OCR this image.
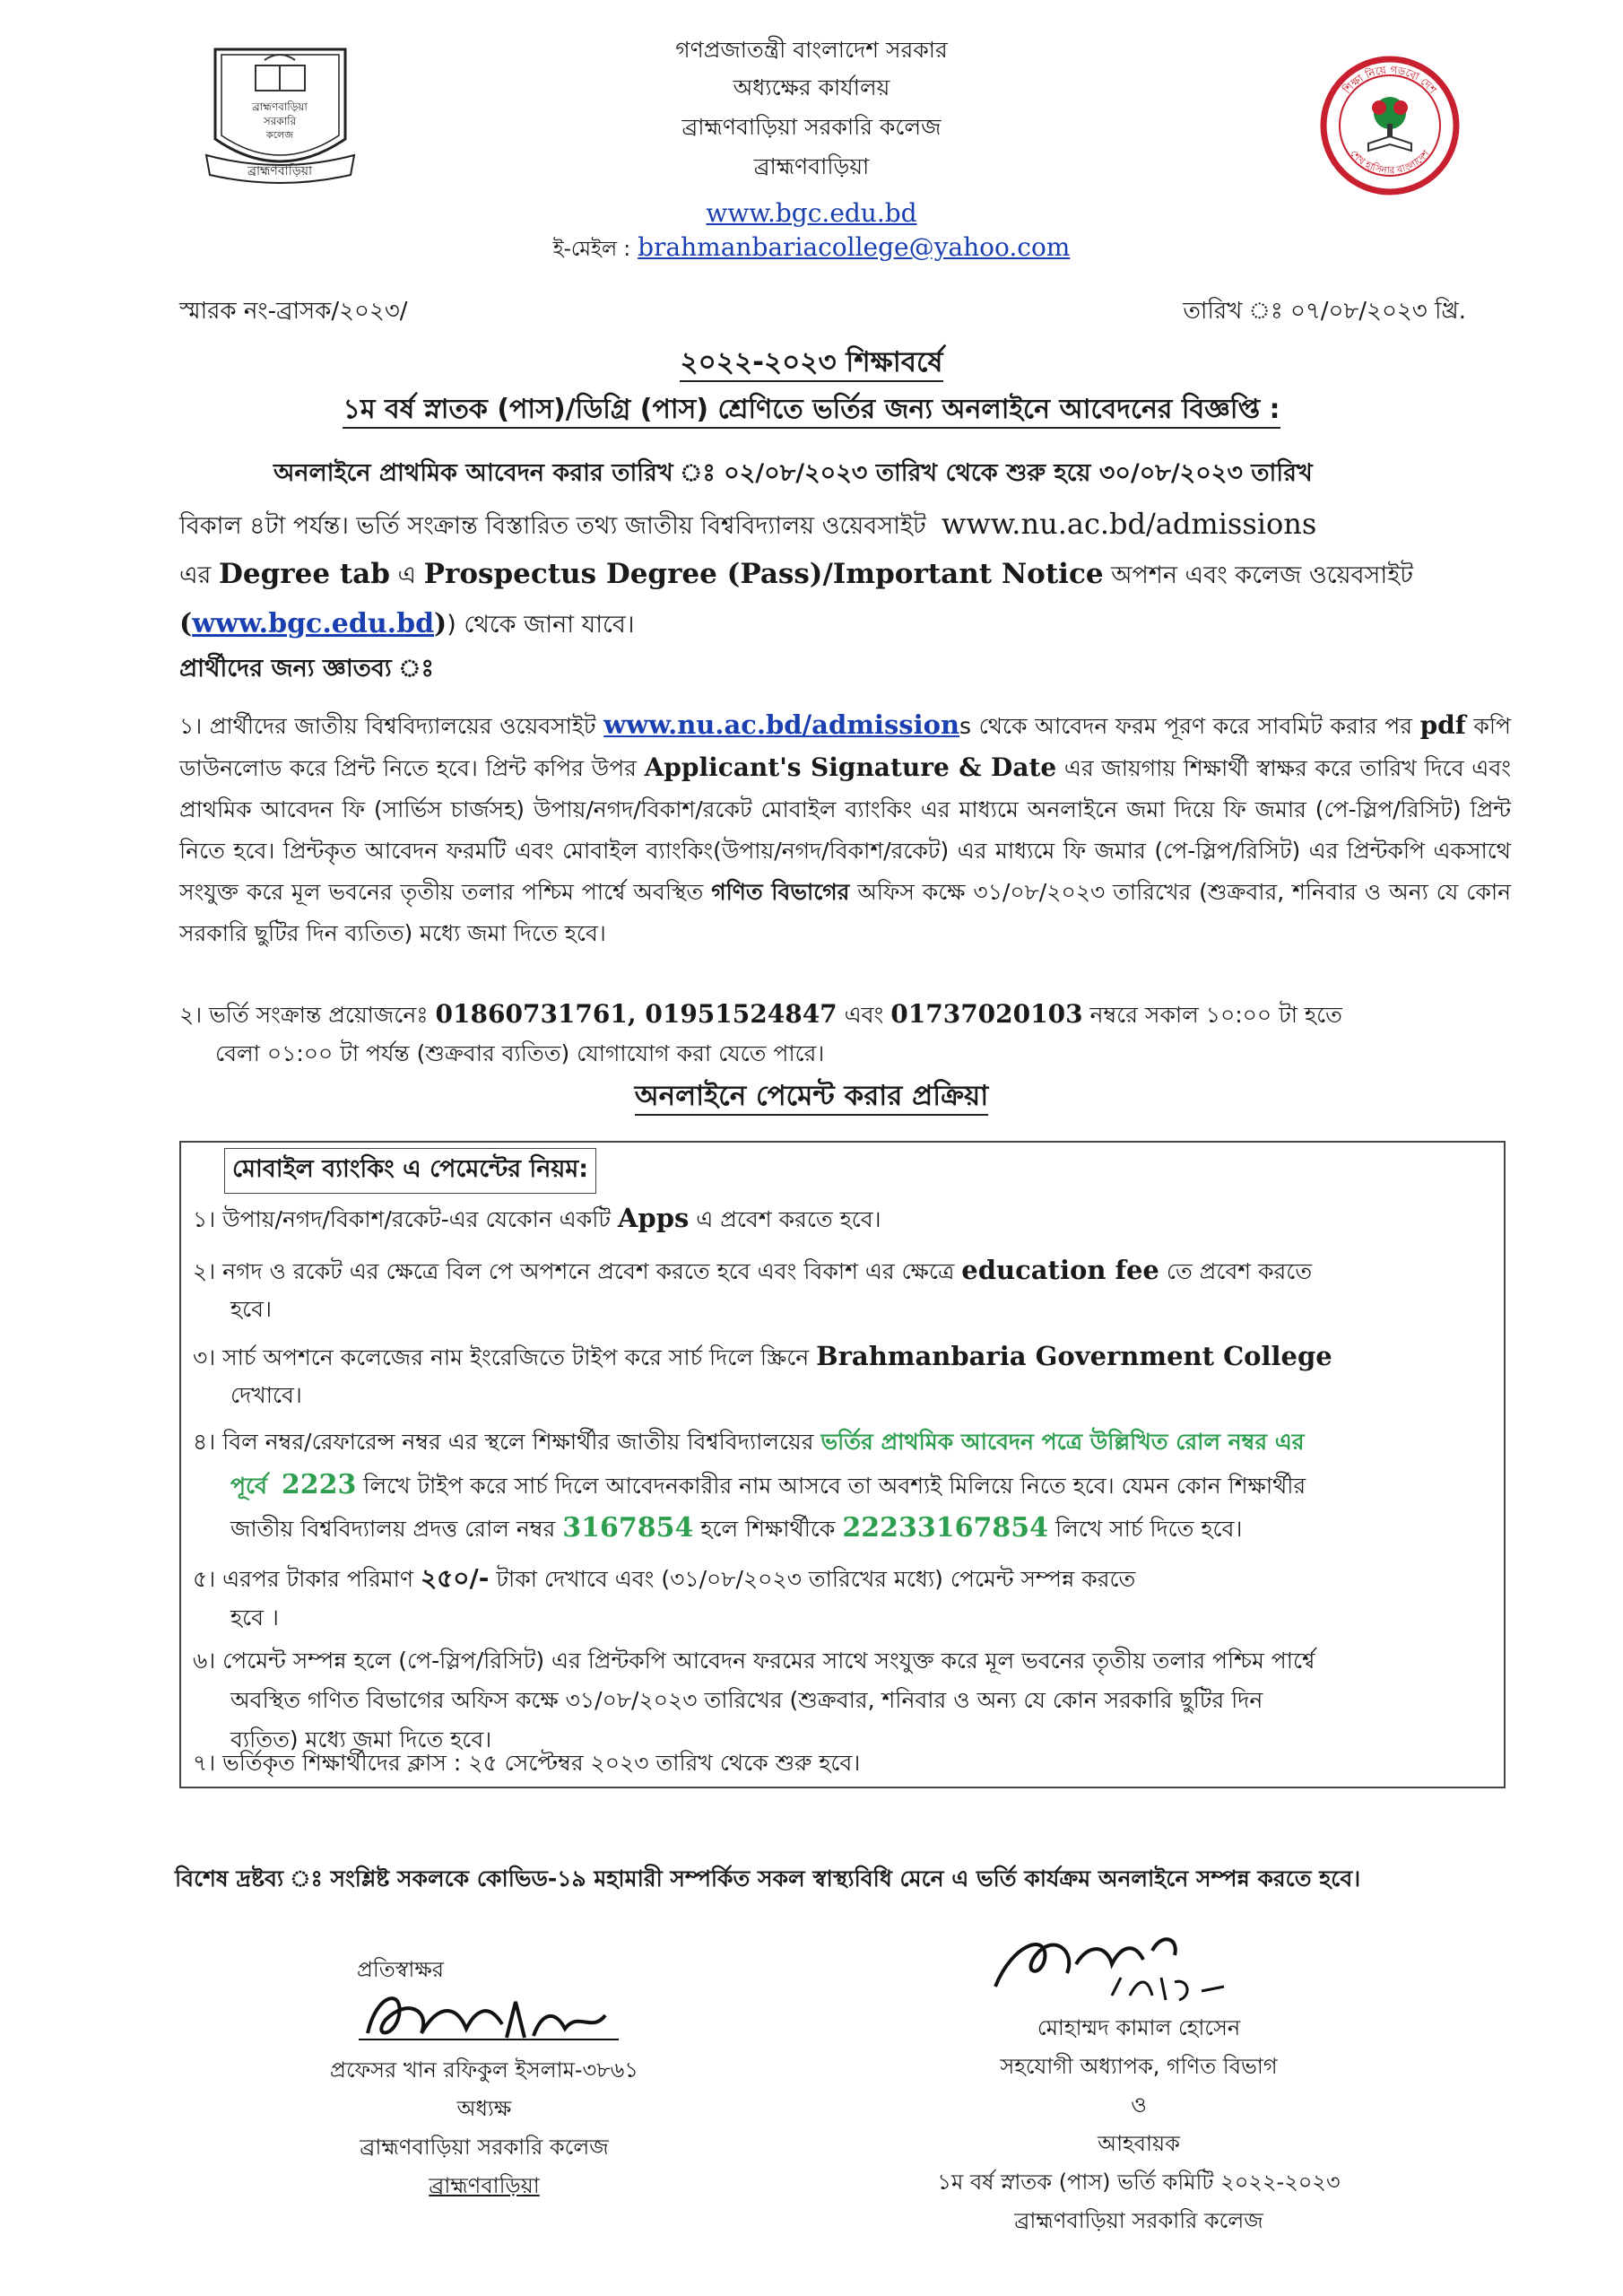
ব্রাহ্মণবাড়িয়া
সরকারি
কলেজ
ব্রাহ্মণবাড়িয়া
শিক্ষা নিয়ে গড়বো দেশ
শেখ হাসিনার বাংলাদেশ
গণপ্রজাতন্ত্রী বাংলাদেশ সরকার
অধ্যক্ষের কার্যালয়
ব্রাহ্মণবাড়িয়া সরকারি কলেজ
ব্রাহ্মণবাড়িয়া
www.bgc.edu.bd
ই-মেইল : brahmanbariacollege@yahoo.com
স্মারক নং-ব্রাসক/২০২৩/	তারিখ ঃ ০৭/০৮/২০২৩ খ্রি.
২০২২-২০২৩ শিক্ষাবর্ষে
১ম বর্ষ স্নাতক (পাস)/ডিগ্রি (পাস) শ্রেণিতে ভর্তির জন্য অনলাইনে আবেদনের বিজ্ঞপ্তি :
অনলাইনে প্রাথমিক আবেদন করার তারিখ ঃ ০২/০৮/২০২৩ তারিখ থেকে শুরু হয়ে ৩০/০৮/২০২৩ তারিখ
বিকাল ৪টা পর্যন্ত। ভর্তি সংক্রান্ত বিস্তারিত তথ্য জাতীয় বিশ্ববিদ্যালয় ওয়েবসাইট www.nu.ac.bd/admissions
এর Degree tab এ Prospectus Degree (Pass)/Important Notice অপশন এবং কলেজ ওয়েবসাইট
(www.bgc.edu.bd)) থেকে জানা যাবে।
প্রার্থীদের জন্য জ্ঞাতব্য ঃ
১। প্রার্থীদের জাতীয় বিশ্ববিদ্যালয়ের ওয়েবসাইট www.nu.ac.bd/admissions থেকে আবেদন ফরম পূরণ করে সাবমিট করার পর pdf কপি ডাউনলোড করে প্রিন্ট নিতে হবে। প্রিন্ট কপির উপর Applicant's Signature & Date এর জায়গায় শিক্ষার্থী স্বাক্ষর করে তারিখ দিবে এবং প্রাথমিক আবেদন ফি (সার্ভিস চার্জসহ) উপায়/নগদ/বিকাশ/রকেট মোবাইল ব্যাংকিং এর মাধ্যমে অনলাইনে জমা দিয়ে ফি জমার (পে-স্লিপ/রিসিট) প্রিন্ট নিতে হবে। প্রিন্টকৃত আবেদন ফরমটি এবং মোবাইল ব্যাংকিং(উপায়/নগদ/বিকাশ/রকেট) এর মাধ্যমে ফি জমার (পে-স্লিপ/রিসিট) এর প্রিন্টকপি একসাথে সংযুক্ত করে মূল ভবনের তৃতীয় তলার পশ্চিম পার্শ্বে অবস্থিত গণিত বিভাগের অফিস কক্ষে ৩১/০৮/২০২৩ তারিখের (শুক্রবার, শনিবার ও অন্য যে কোন সরকারি ছুটির দিন ব্যতিত) মধ্যে জমা দিতে হবে।
২। ভর্তি সংক্রান্ত প্রয়োজনেঃ 01860731761, 01951524847 এবং 01737020103 নম্বরে সকাল ১০:০০ টা হতে
বেলা ০১:০০ টা পর্যন্ত (শুক্রবার ব্যতিত) যোগাযোগ করা যেতে পারে।
অনলাইনে পেমেন্ট করার প্রক্রিয়া
মোবাইল ব্যাংকিং এ পেমেন্টের নিয়ম:
১। উপায়/নগদ/বিকাশ/রকেট-এর যেকোন একটি Apps এ প্রবেশ করতে হবে।
২। নগদ ও রকেট এর ক্ষেত্রে বিল পে অপশনে প্রবেশ করতে হবে এবং বিকাশ এর ক্ষেত্রে education fee তে প্রবেশ করতে
হবে।
৩। সার্চ অপশনে কলেজের নাম ইংরেজিতে টাইপ করে সার্চ দিলে স্ক্রিনে Brahmanbaria Government College
দেখাবে।
৪। বিল নম্বর/রেফারেন্স নম্বর এর স্থলে শিক্ষার্থীর জাতীয় বিশ্ববিদ্যালয়ের ভর্তির প্রাথমিক আবেদন পত্রে উল্লিখিত রোল নম্বর এর
পূর্বে 2223 লিখে টাইপ করে সার্চ দিলে আবেদনকারীর নাম আসবে তা অবশ্যই মিলিয়ে নিতে হবে। যেমন কোন শিক্ষার্থীর
জাতীয় বিশ্ববিদ্যালয় প্রদত্ত রোল নম্বর 3167854 হলে শিক্ষার্থীকে 22233167854 লিখে সার্চ দিতে হবে।
৫। এরপর টাকার পরিমাণ ২৫০/- টাকা দেখাবে এবং (৩১/০৮/২০২৩ তারিখের মধ্যে) পেমেন্ট সম্পন্ন করতে
হবে ।
৬। পেমেন্ট সম্পন্ন হলে (পে-স্লিপ/রিসিট) এর প্রিন্টকপি আবেদন ফরমের সাথে সংযুক্ত করে মূল ভবনের তৃতীয় তলার পশ্চিম পার্শ্বে
অবস্থিত গণিত বিভাগের অফিস কক্ষে ৩১/০৮/২০২৩ তারিখের (শুক্রবার, শনিবার ও অন্য যে কোন সরকারি ছুটির দিন
ব্যতিত) মধ্যে জমা দিতে হবে।
৭। ভর্তিকৃত শিক্ষার্থীদের ক্লাস : ২৫ সেপ্টেম্বর ২০২৩ তারিখ থেকে শুরু হবে।
বিশেষ দ্রষ্টব্য ঃ সংশ্লিষ্ট সকলকে কোভিড-১৯ মহামারী সম্পর্কিত সকল স্বাস্থ্যবিধি মেনে এ ভর্তি কার্যক্রম অনলাইনে সম্পন্ন করতে হবে।
প্রতিস্বাক্ষর
প্রফেসর খান রফিকুল ইসলাম-৩৮৬১
অধ্যক্ষ
ব্রাহ্মণবাড়িয়া সরকারি কলেজ
ব্রাহ্মণবাড়িয়া
মোহাম্মদ কামাল হোসেন
সহযোগী অধ্যাপক, গণিত বিভাগ
ও
আহবায়ক
১ম বর্ষ স্নাতক (পাস) ভর্তি কমিটি ২০২২-২০২৩
ব্রাহ্মণবাড়িয়া সরকারি কলেজ
